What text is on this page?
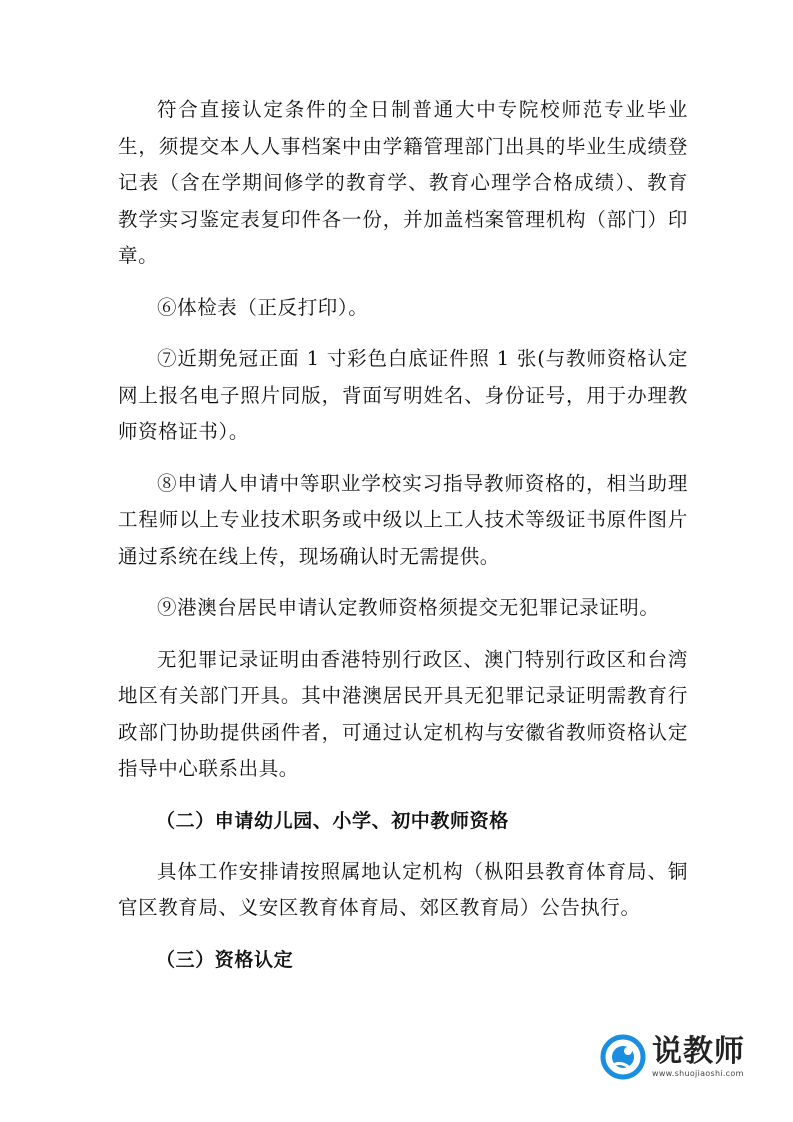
符合直接认定条件的全日制普通大中专院校师范专业毕业生，须提交本人人事档案中由学籍管理部门出具的毕业生成绩登记表（含在学期间修学的教育学、教育心理学合格成绩）、教育教学实习鉴定表复印件各一份，并加盖档案管理机构（部门）印章。

⑥体检表（正反打印）。

⑦近期免冠正面 1 寸彩色白底证件照 1 张(与教师资格认定网上报名电子照片同版，背面写明姓名、身份证号，用于办理教师资格证书）。

⑧申请人申请中等职业学校实习指导教师资格的，相当助理工程师以上专业技术职务或中级以上工人技术等级证书原件图片通过系统在线上传，现场确认时无需提供。

⑨港澳台居民申请认定教师资格须提交无犯罪记录证明。

无犯罪记录证明由香港特别行政区、澳门特别行政区和台湾地区有关部门开具。其中港澳居民开具无犯罪记录证明需教育行政部门协助提供函件者，可通过认定机构与安徽省教师资格认定指导中心联系出具。

（二）申请幼儿园、小学、初中教师资格

具体工作安排请按照属地认定机构（枞阳县教育体育局、铜官区教育局、义安区教育体育局、郊区教育局）公告执行。

（三）资格认定

说教师
www.shuojiaoshi.com
